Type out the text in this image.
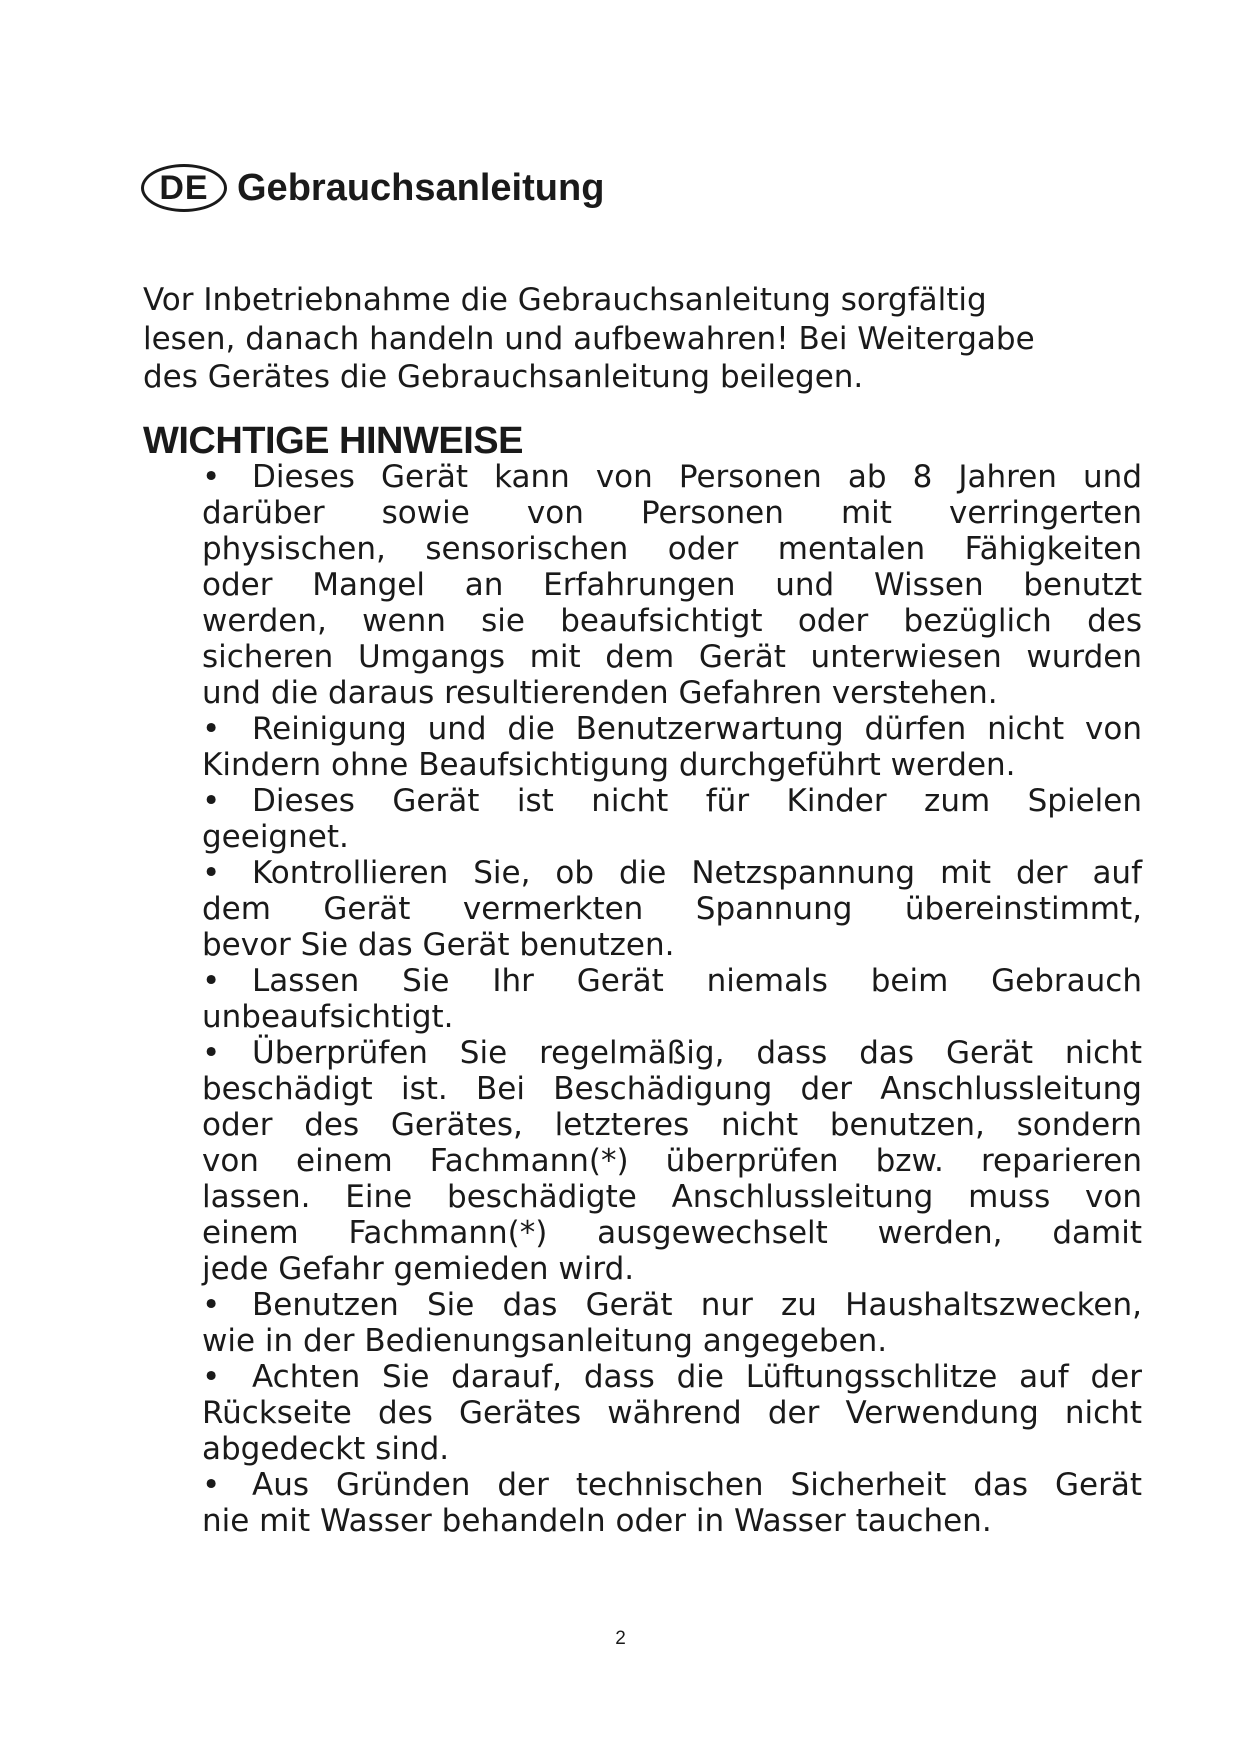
DE Gebrauchsanleitung
Vor Inbetriebnahme die Gebrauchsanleitung sorgfältig
lesen, danach handeln und aufbewahren! Bei Weitergabe
des Gerätes die Gebrauchsanleitung beilegen.
WICHTIGE HINWEISE
• Dieses Gerät kann von Personen ab 8 Jahren und
darüber sowie von Personen mit verringerten
physischen, sensorischen oder mentalen Fähigkeiten
oder Mangel an Erfahrungen und Wissen benutzt
werden, wenn sie beaufsichtigt oder bezüglich des
sicheren Umgangs mit dem Gerät unterwiesen wurden
und die daraus resultierenden Gefahren verstehen.
• Reinigung und die Benutzerwartung dürfen nicht von
Kindern ohne Beaufsichtigung durchgeführt werden.
• Dieses Gerät ist nicht für Kinder zum Spielen
geeignet.
• Kontrollieren Sie, ob die Netzspannung mit der auf
dem Gerät vermerkten Spannung übereinstimmt,
bevor Sie das Gerät benutzen.
• Lassen Sie Ihr Gerät niemals beim Gebrauch
unbeaufsichtigt.
• Überprüfen Sie regelmäßig, dass das Gerät nicht
beschädigt ist. Bei Beschädigung der Anschlussleitung
oder des Gerätes, letzteres nicht benutzen, sondern
von einem Fachmann(*) überprüfen bzw. reparieren
lassen. Eine beschädigte Anschlussleitung muss von
einem Fachmann(*) ausgewechselt werden, damit
jede Gefahr gemieden wird.
• Benutzen Sie das Gerät nur zu Haushaltszwecken,
wie in der Bedienungsanleitung angegeben.
• Achten Sie darauf, dass die Lüftungsschlitze auf der
Rückseite des Gerätes während der Verwendung nicht
abgedeckt sind.
• Aus Gründen der technischen Sicherheit das Gerät
nie mit Wasser behandeln oder in Wasser tauchen.
2
